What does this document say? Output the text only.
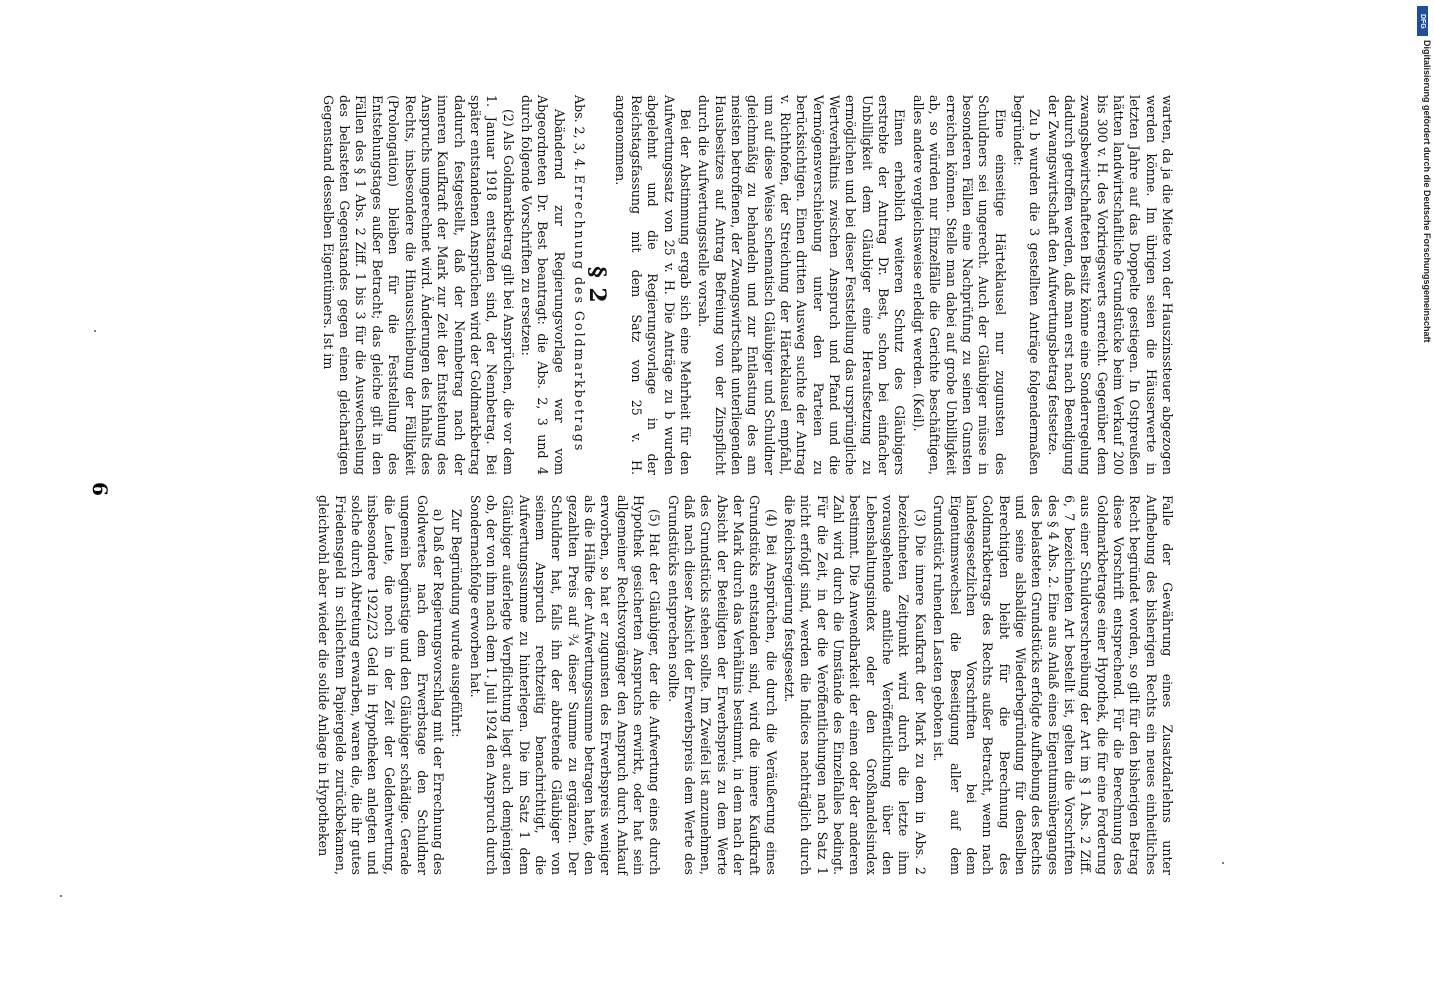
warten, da ja die Miete von der Hauszinssteuer abgezogen werden könne. Im übrigen seien die Häuserwerte in letzten Jahre auf das Doppelte gestiegen. In Ostpreußen hätten landwirtschaftliche Grundstücke beim Verkauf 200 bis 300 v. H. des Vorkriegswerts erreicht. Gegenüber dem zwangsbewirtschafteten Besitz könne eine Sonderregelung dadurch getroffen werden, daß man erst nach Beendigung der Zwangswirtschaft den Aufwertungsbetrag festsetze.

Zu b wurden die 3 gestellten Anträge folgendermaßen begründet:

Eine einseitige Härteklausel nur zugunsten des Schuldners sei ungerecht. Auch der Gläubiger müsse in besonderen Fällen eine Nachprüfung zu seinen Gunsten erreichen können. Stelle man dabei auf grobe Unbilligkeit ab, so würden nur Einzelfälle die Gerichte beschäftigen, alles andere vergleichsweise erledigt werden. (Keil).

Einen erheblich weiteren Schutz des Gläubigers erstrebte der Antrag Dr. Best, schon bei einfacher Unbilligkeit dem Gläubiger eine Heraufsetzung zu ermöglichen und bei dieser Feststellung das ursprüngliche Wertverhältnis zwischen Anspruch und Pfand und die Vermögensverschiebung unter den Parteien zu berücksichtigen. Einen dritten Ausweg suchte der Antrag v. Richthofen, der Streichung der Härteklausel empfahl, um auf diese Weise schematisch Gläubiger und Schuldner gleichmäßig zu behandeln und zur Entlastung des am meisten betroffenen, der Zwangswirtschaft unterliegenden Hausbesitzes auf Antrag Befreiung von der Zinspflicht durch die Aufwertungsstelle vorsah.

Bei der Abstimmung ergab sich eine Mehrheit für den Aufwertungssatz von 25 v. H. Die Anträge zu b wurden abgelehnt und die Regierungsvorlage in der Reichstagsfassung mit dem Satz von 25 v. H. angenommen.

§ 2
Abs. 2, 3, 4. Errechnung des Goldmarkbetrags

Abändernd zur Regierungsvorlage war vom Abgeordneten Dr. Best beantragt: die Abs. 2, 3 und 4 durch folgende Vorschriften zu ersetzen:

(2) Als Goldmarkbetrag gilt bei Ansprüchen, die vor dem 1. Januar 1918 entstanden sind, der Nennbetrag. Bei später entstandenen Ansprüchen wird der Goldmarkbetrag dadurch festgestellt, daß der Nennbetrag nach der inneren Kaufkraft der Mark zur Zeit der Entstehung des Anspruchs umgerechnet wird. Änderungen des Inhalts des Rechts, insbesondere die Hinausschiebung der Fälligkeit (Prolongation) bleiben für die Feststellung des Entstehungstages außer Betracht; das gleiche gilt in den Fällen des § 1 Abs. 2 Ziff. 1 bis 3 für die Auswechselung des belasteten Gegenstandes gegen einen gleichartigen Gegenstand desselben Eigentümers. Ist im

Falle der Gewährung eines Zusatzdarlehns unter Aufhebung des bisherigen Rechts ein neues einheitliches Recht begründet worden, so gilt für den bisherigen Betrag diese Vorschrift entsprechend. Für die Berechnung des Goldmarkbetrages einer Hypothek, die für eine Forderung aus einer Schuldverschreibung der Art im § 1 Abs. 2 Ziff. 6, 7 bezeichneten Art bestellt ist, gelten die Vorschriften des § 4 Abs. 2. Eine aus Anlaß eines Eigentumsüberganges des belasteten Grundstücks erfolgte Aufhebung des Rechts und seine alsbaldige Wiederbegründung für denselben Berechtigten bleibt für die Berechnung des Goldmarkbetrags des Rechts außer Betracht, wenn nach landesgesetzlichen Vorschriften bei dem Eigentumswechsel die Beseitigung aller auf dem Grundstück ruhenden Lasten geboten ist.

(3) Die innere Kaufkraft der Mark zu dem in Abs. 2 bezeichneten Zeitpunkt wird durch die letzte ihm vorausgehende amtliche Veröffentlichung über den Lebenshaltungsindex oder den Großhandelsindex bestimmt. Die Anwendbarkeit der einen oder der anderen Zahl wird durch die Umstände des Einzelfalles bedingt. Für die Zeit, in der die Veröffentlichungen nach Satz 1 nicht erfolgt sind, werden die Indices nachträglich durch die Reichsregierung festgesetzt.

(4) Bei Ansprüchen, die durch die Veräußerung eines Grundstücks entstanden sind, wird die innere Kaufkraft der Mark durch das Verhältnis bestimmt, in dem nach der Absicht der Beteiligten der Erwerbspreis zu dem Werte des Grundstücks stehen sollte. Im Zweifel ist anzunehmen, daß nach dieser Absicht der Erwerbspreis dem Werte des Grundstücks entsprechen sollte.

(5) Hat der Gläubiger, der die Aufwertung eines durch Hypothek gesicherten Anspruchs erwirkt, oder hat sein allgemeiner Rechtsvorgänger den Anspruch durch Ankauf erworben, so hat er zugunsten des Erwerbspreis weniger als die Hälfte der Aufwertungssumme betragen hatte, den gezahlten Preis auf ¾ dieser Summe zu ergänzen. Der Schuldner hat, falls ihn der abtretende Gläubiger von seinem Anspruch rechtzeitig benachrichtigt, die Aufwertungssumme zu hinterlegen. Die im Satz 1 dem Gläubiger auferlegte Verpflichtung liegt auch demjenigen ob, der von ihm nach dem 1. Juli 1924 den Anspruch durch Sondernachfolge erworben hat.

Zur Begründung wurde ausgeführt:

a) Daß der Regierungsvorschlag mit der Errechnung des Goldwertes nach dem Erwerbstage den Schuldner ungemein begünstige und den Gläubiger schädige. Gerade die Leute, die noch in der Zeit der Geldentwertung, insbesondere 1922/23 Geld in Hypotheken anlegten und solche durch Abtretung erwarben, waren die, die ihr gutes Friedensgeld in schlechtem Papiergelde zurückbekamen, gleichwohl aber wieder die solide Anlage in Hypotheken

6
DFG
Digitalisierung gefördert durch die Deutsche Forschungsgemeinschaft
